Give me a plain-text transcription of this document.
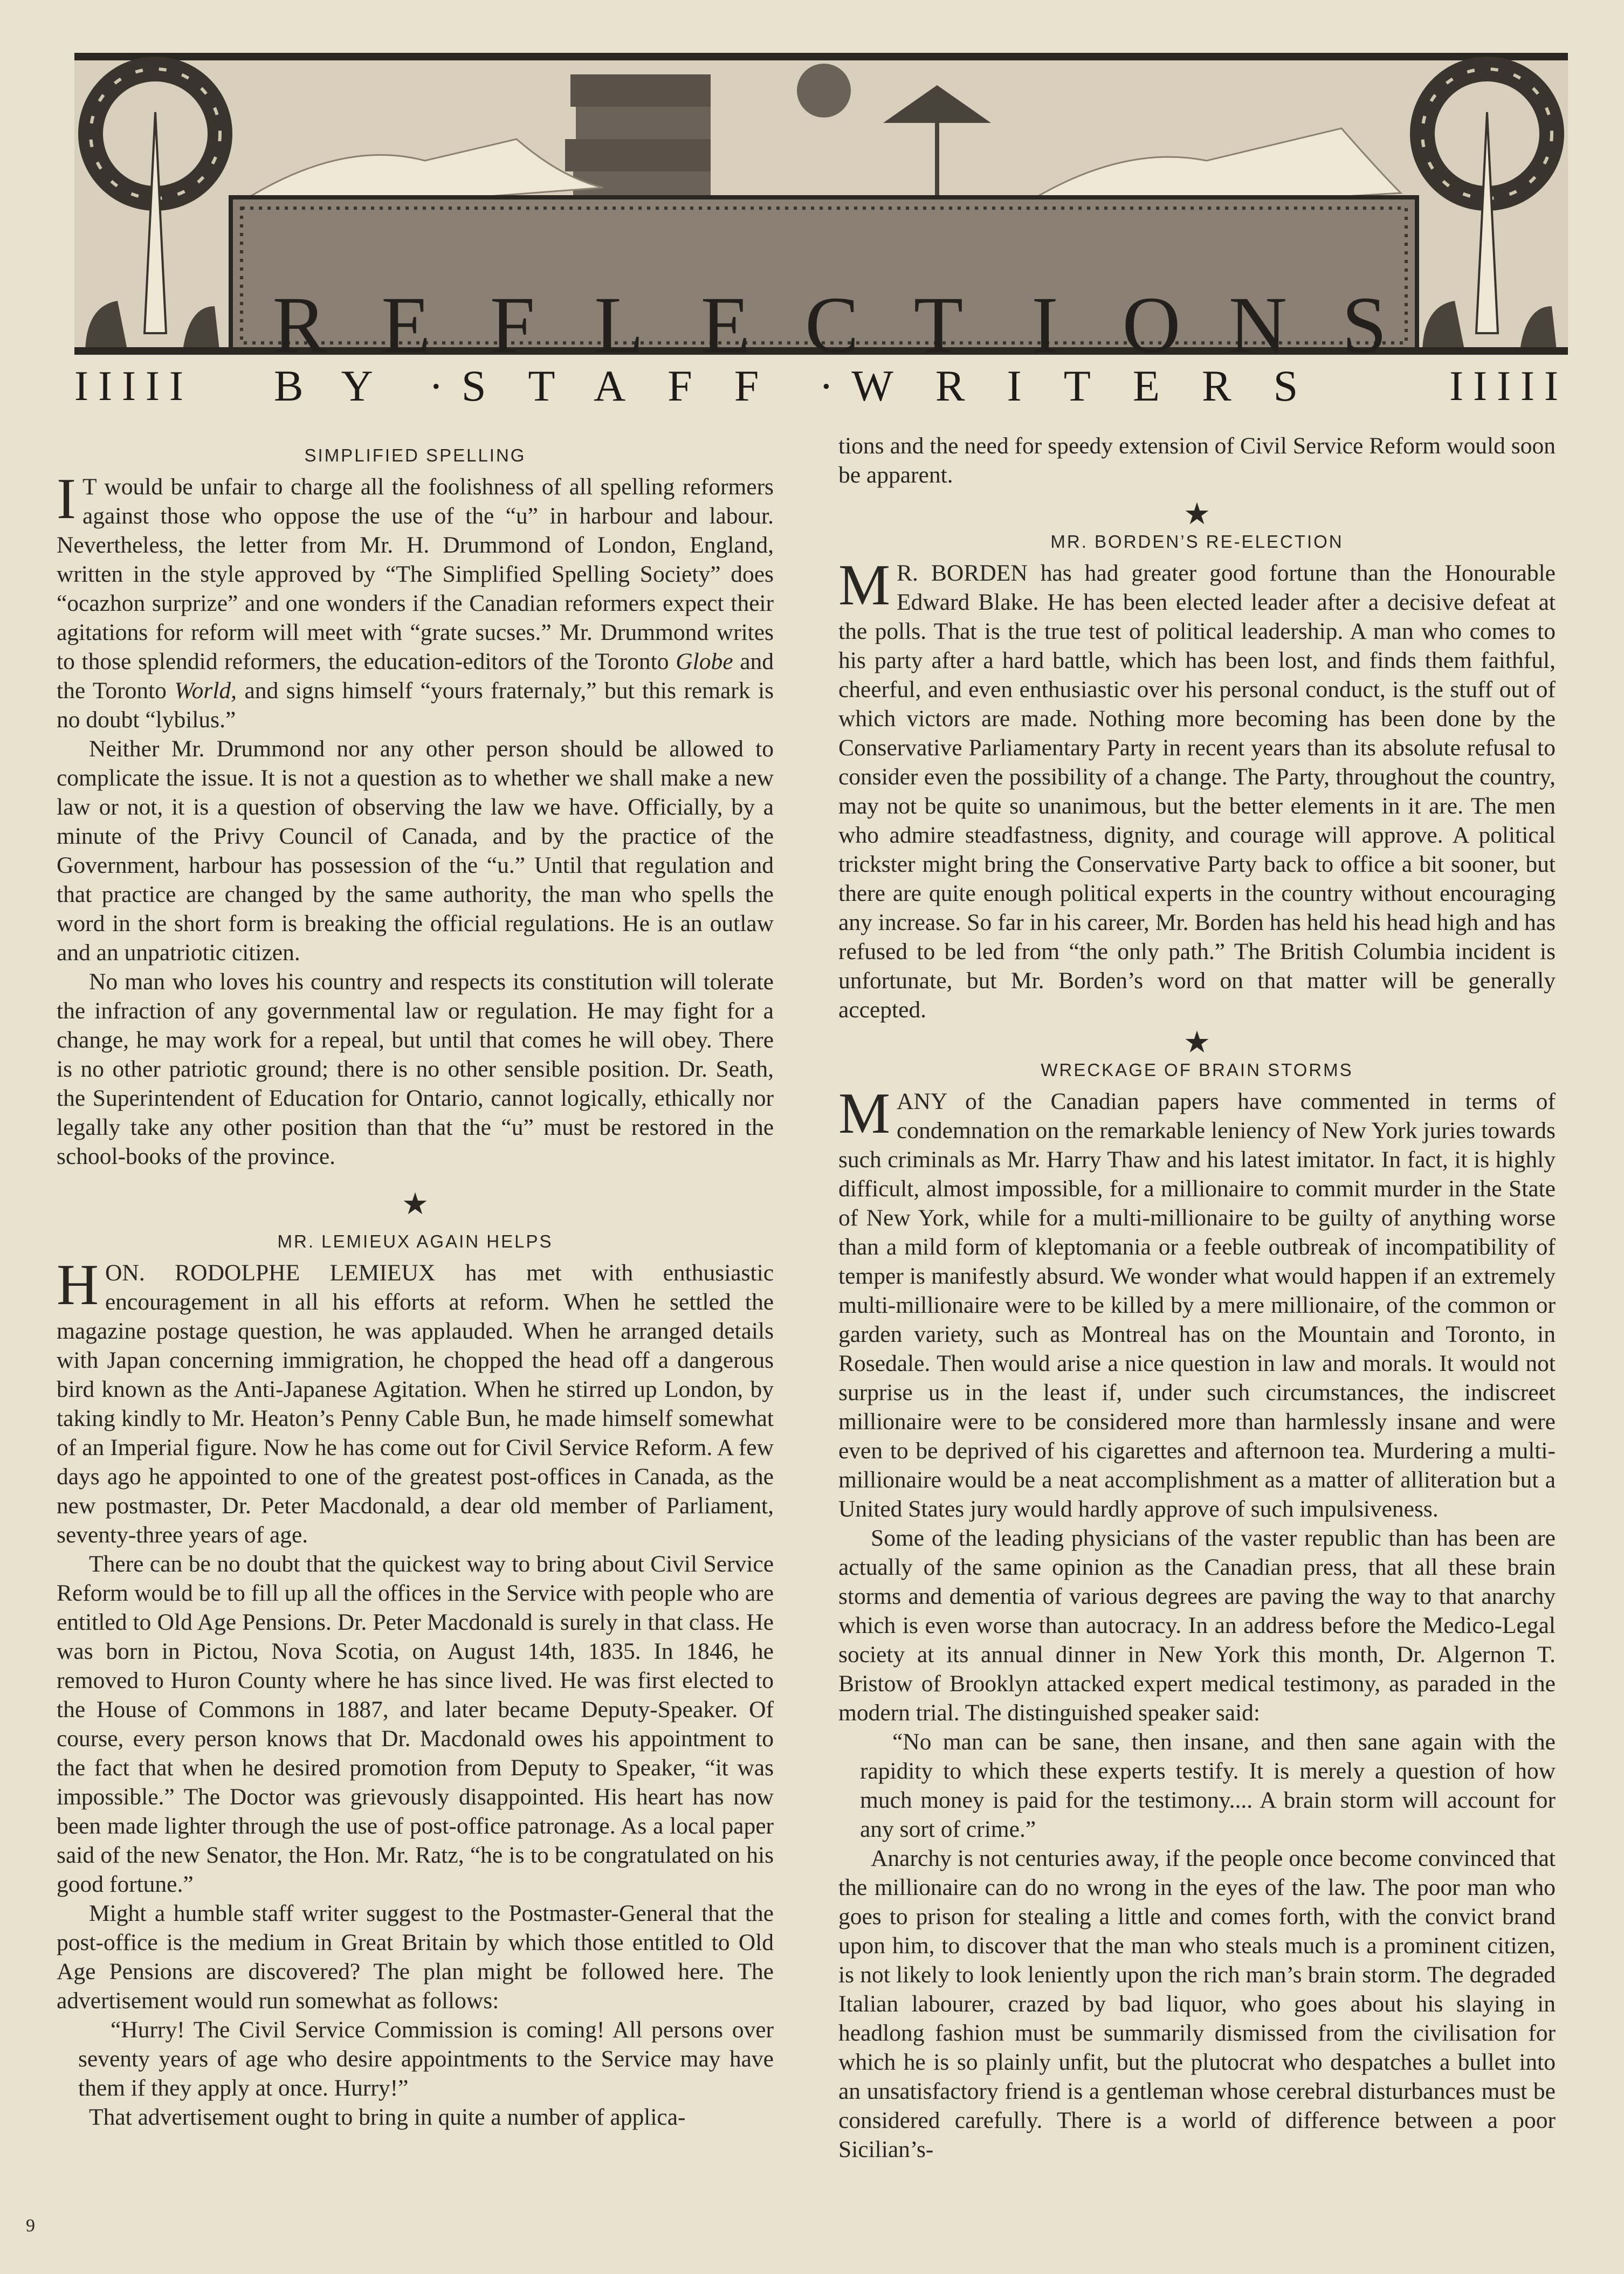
R E F L E C T I O N S
IIIII BY • STAFF • WRITERS	IIIII
SIMPLIFIED SPELLING

I T would be unfair to charge all the foolishness of all spelling reformers against those who oppose the use of the “u” in harbour and labour. Nevertheless, the letter from Mr. H. Drummond of London, England, written in the style approved by “The Simplified Spelling Society” does “ocazhon surprize” and one wonders if the Canadian reformers expect their agitations for reform will meet with “grate sucses.” Mr. Drummond writes to those splendid reformers, the education-editors of the Toronto Globe and the Toronto World, and signs himself “yours fraternaly,” but this remark is no doubt “lybilus.”

Neither Mr. Drummond nor any other person should be allowed to complicate the issue. It is not a question as to whether we shall make a new law or not, it is a question of observing the law we have. Officially, by a minute of the Privy Council of Canada, and by the practice of the Government, harbour has possession of the “u.” Until that regulation and that practice are changed by the same authority, the man who spells the word in the short form is breaking the official regulations. He is an outlaw and an unpatriotic citizen.

No man who loves his country and respects its constitution will tolerate the infraction of any governmental law or regulation. He may fight for a change, he may work for a repeal, but until that comes he will obey. There is no other patriotic ground; there is no other sensible position. Dr. Seath, the Superintendent of Education for Ontario, cannot logically, ethically nor legally take any other position than that the “u” must be restored in the school-books of the province.

★
MR. LEMIEUX AGAIN HELPS

HON. RODOLPHE LEMIEUX has met with enthusiastic encouragement in all his efforts at reform. When he settled the magazine postage question, he was applauded. When he arranged details with Japan concerning immigration, he chopped the head off a dangerous bird known as the Anti-Japanese Agitation. When he stirred up London, by taking kindly to Mr. Heaton’s Penny Cable Bun, he made himself somewhat of an Imperial figure. Now he has come out for Civil Service Reform. A few days ago he appointed to one of the greatest post-offices in Canada, as the new postmaster, Dr. Peter Macdonald, a dear old member of Parliament, seventy-three years of age.

There can be no doubt that the quickest way to bring about Civil Service Reform would be to fill up all the offices in the Service with people who are entitled to Old Age Pensions. Dr. Peter Macdonald is surely in that class. He was born in Pictou, Nova Scotia, on August 14th, 1835. In 1846, he removed to Huron County where he has since lived. He was first elected to the House of Commons in 1887, and later became Deputy-Speaker. Of course, every person knows that Dr. Macdonald owes his appointment to the fact that when he desired promotion from Deputy to Speaker, “it was impossible.” The Doctor was grievously disappointed. His heart has now been made lighter through the use of post-office patronage. As a local paper said of the new Senator, the Hon. Mr. Ratz, “he is to be congratulated on his good fortune.”

Might a humble staff writer suggest to the Postmaster-General that the post-office is the medium in Great Britain by which those entitled to Old Age Pensions are discovered? The plan might be followed here. The advertisement would run somewhat as follows:

“Hurry! The Civil Service Commission is coming! All persons over seventy years of age who desire appointments to the Service may have them if they apply at once. Hurry!”

That advertisement ought to bring in quite a number of applica-

tions and the need for speedy extension of Civil Service Reform would soon be apparent.

★
MR. BORDEN’S RE-ELECTION

M R. BORDEN has had greater good fortune than the Honourable Edward Blake. He has been elected leader after a decisive defeat at the polls. That is the true test of political leadership. A man who comes to his party after a hard battle, which has been lost, and finds them faithful, cheerful, and even enthusiastic over his personal conduct, is the stuff out of which victors are made. Nothing more becoming has been done by the Conservative Parliamentary Party in recent years than its absolute refusal to consider even the possibility of a change. The Party, throughout the country, may not be quite so unanimous, but the better elements in it are. The men who admire steadfastness, dignity, and courage will approve. A political trickster might bring the Conservative Party back to office a bit sooner, but there are quite enough political experts in the country without encouraging any increase. So far in his career, Mr. Borden has held his head high and has refused to be led from “the only path.” The British Columbia incident is unfortunate, but Mr. Borden’s word on that matter will be generally accepted.

★
WRECKAGE OF BRAIN STORMS

MANY of the Canadian papers have commented in terms of condemnation on the remarkable leniency of New York juries towards such criminals as Mr. Harry Thaw and his latest imitator. In fact, it is highly difficult, almost impossible, for a millionaire to commit murder in the State of New York, while for a multi-millionaire to be guilty of anything worse than a mild form of kleptomania or a feeble outbreak of incompatibility of temper is manifestly absurd. We wonder what would happen if an extremely multi-millionaire were to be killed by a mere millionaire, of the common or garden variety, such as Montreal has on the Mountain and Toronto, in Rosedale. Then would arise a nice question in law and morals. It would not surprise us in the least if, under such circumstances, the indiscreet millionaire were to be considered more than harmlessly insane and were even to be deprived of his cigarettes and afternoon tea. Murdering a multi-millionaire would be a neat accomplishment as a matter of alliteration but a United States jury would hardly approve of such impulsiveness.

Some of the leading physicians of the vaster republic than has been are actually of the same opinion as the Canadian press, that all these brain storms and dementia of various degrees are paving the way to that anarchy which is even worse than autocracy. In an address before the Medico-Legal society at its annual dinner in New York this month, Dr. Algernon T. Bristow of Brooklyn attacked expert medical testimony, as paraded in the modern trial. The distinguished speaker said:

“No man can be sane, then insane, and then sane again with the rapidity to which these experts testify. It is merely a question of how much money is paid for the testimony.... A brain storm will account for any sort of crime.”

Anarchy is not centuries away, if the people once become convinced that the millionaire can do no wrong in the eyes of the law. The poor man who goes to prison for stealing a little and comes forth, with the convict brand upon him, to discover that the man who steals much is a prominent citizen, is not likely to look leniently upon the rich man’s brain storm. The degraded Italian labourer, crazed by bad liquor, who goes about his slaying in headlong fashion must be summarily dismissed from the civilisation for which he is so plainly unfit, but the plutocrat who despatches a bullet into an unsatisfactory friend is a gentleman whose cerebral disturbances must be considered carefully. There is a world of difference between a poor Sicilian’s-

9
